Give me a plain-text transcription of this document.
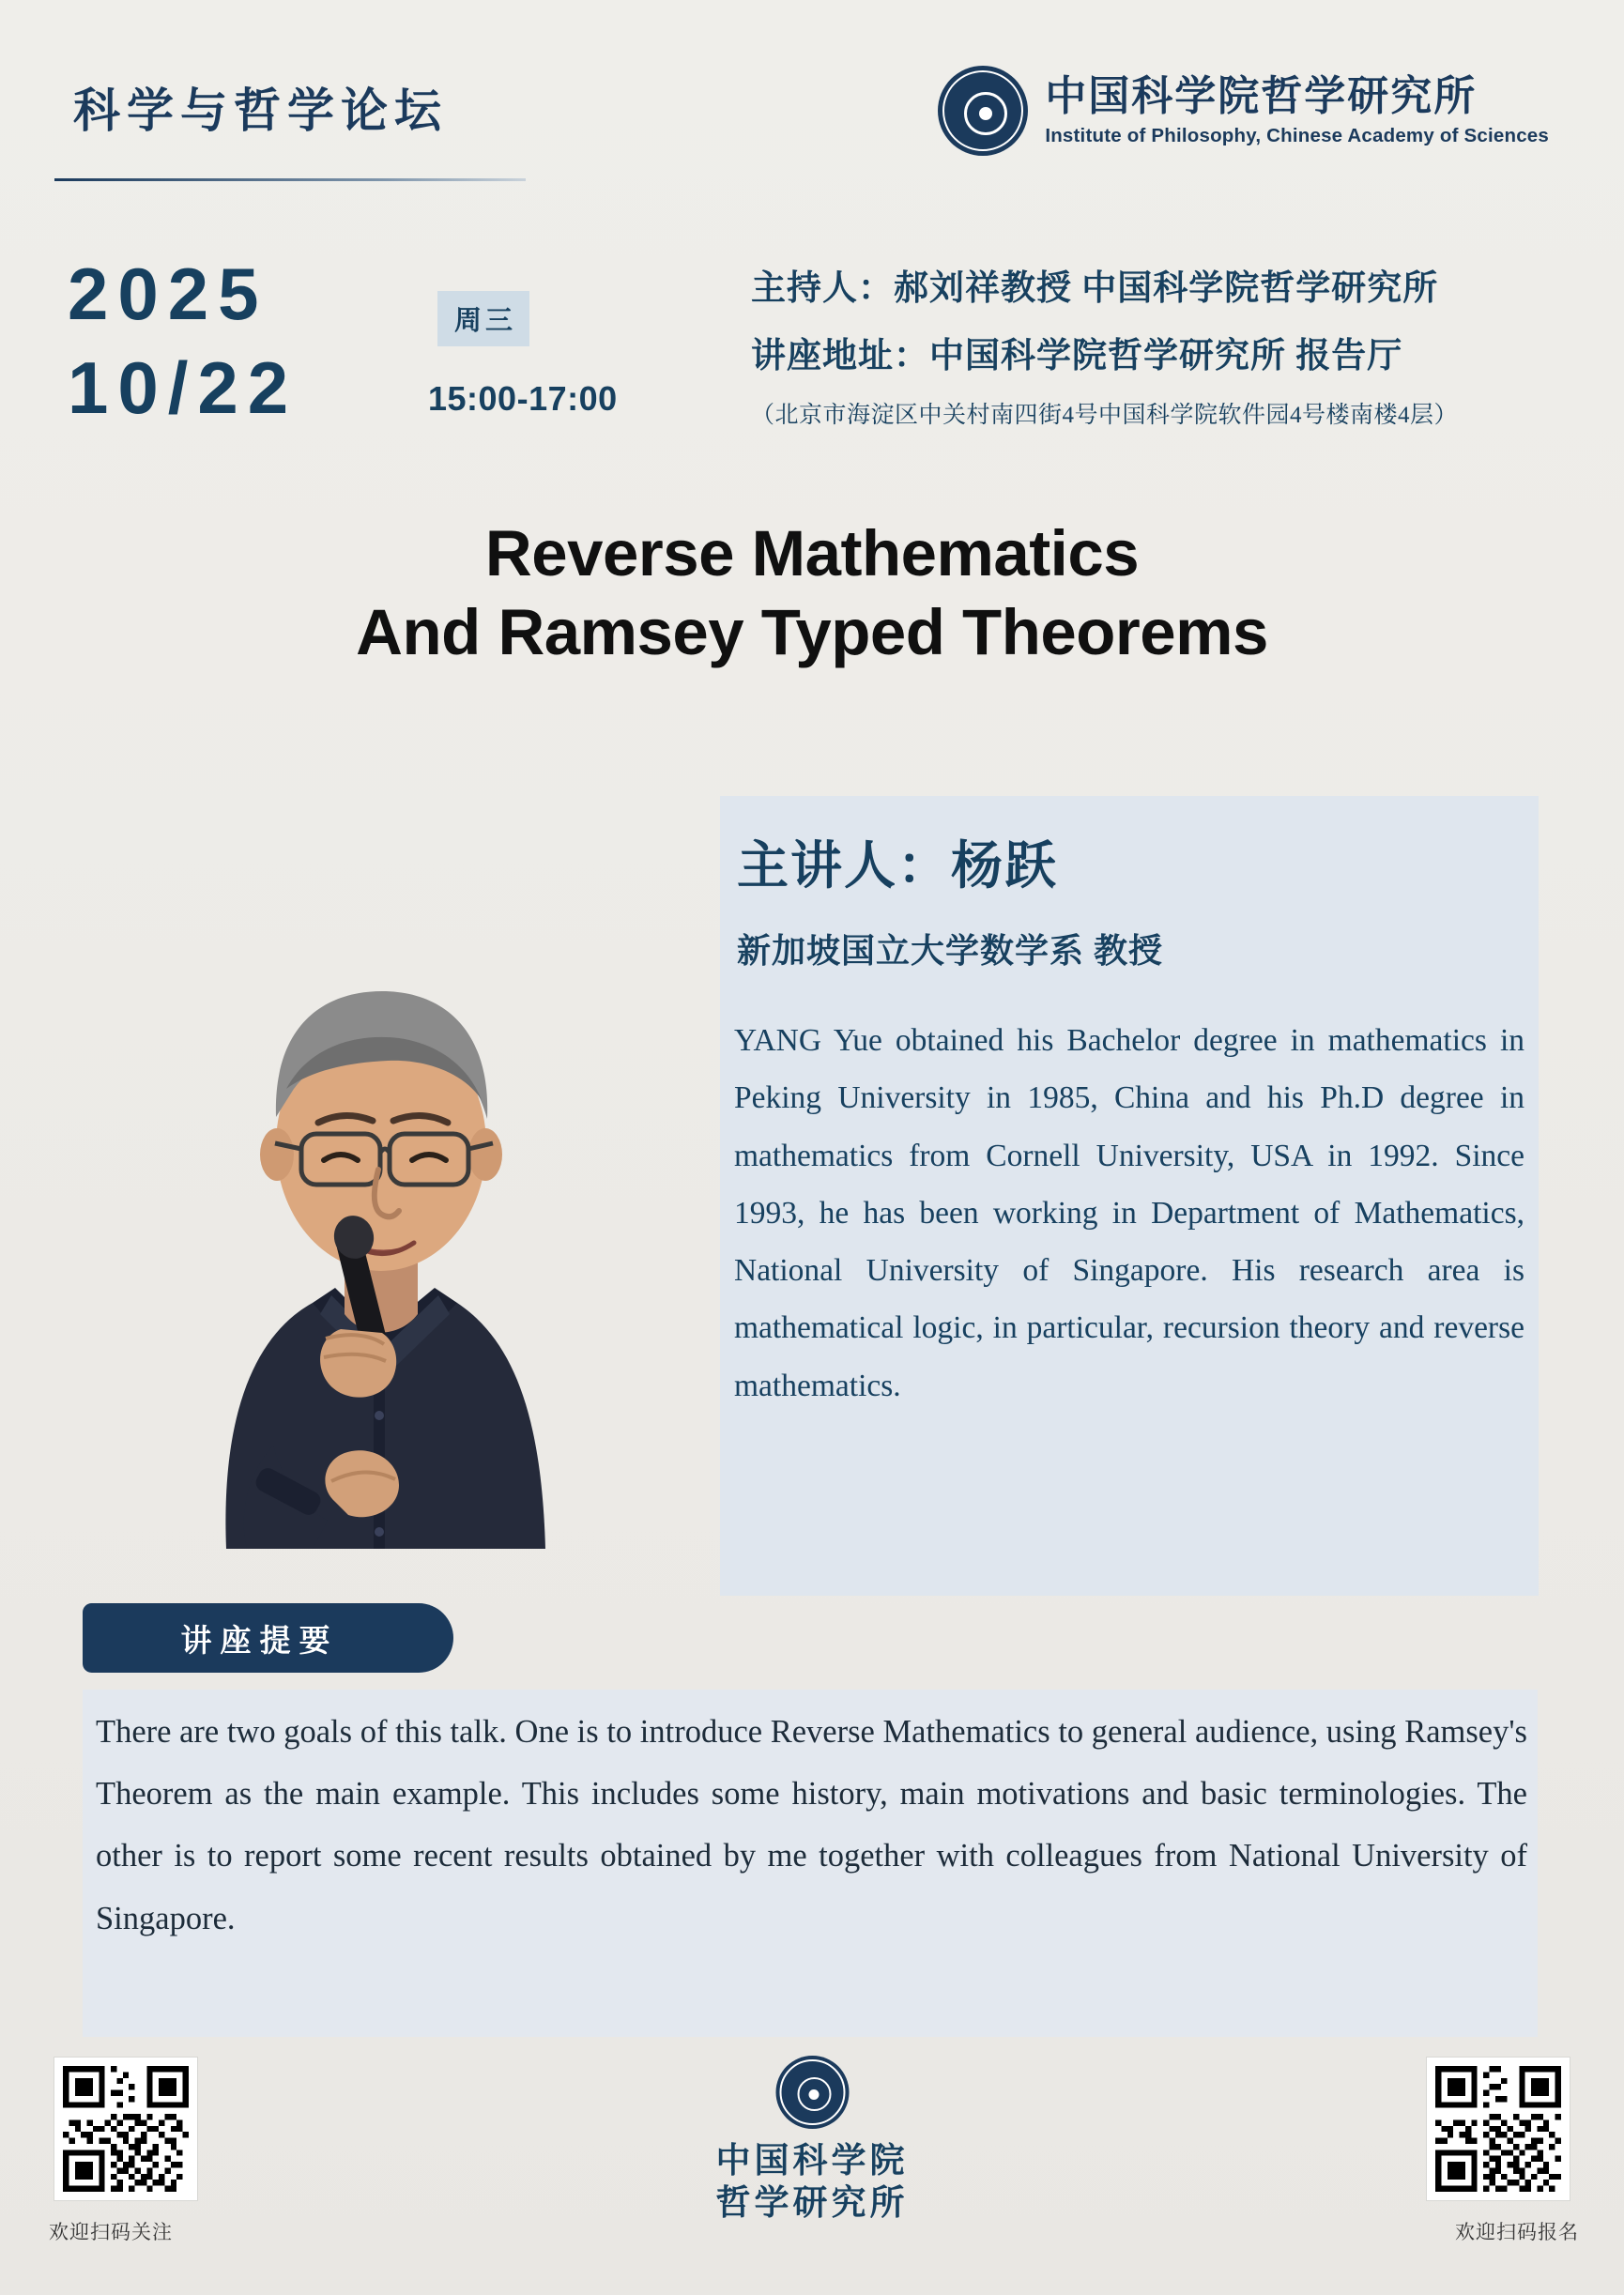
科学与哲学论坛	中国科学院哲学研究所
Institute of Philosophy, Chinese Academy of Sciences
2025
10/22
周三
15:00-17:00
主持人：郝刘祥教授 中国科学院哲学研究所
讲座地址：中国科学院哲学研究所 报告厅
（北京市海淀区中关村南四街4号中国科学院软件园4号楼南楼4层）
Reverse Mathematics
And Ramsey Typed Theorems
主讲人：杨跃
新加坡国立大学数学系 教授
YANG Yue obtained his Bachelor degree in mathematics in Peking University in 1985, China and his Ph.D degree in mathematics from Cornell University, USA in 1992. Since 1993, he has been working in Department of Mathematics, National University of Singapore. His research area is mathematical logic, in particular, recursion theory and reverse mathematics.
讲座提要
There are two goals of this talk. One is to introduce Reverse Mathematics to general audience, using Ramsey's Theorem as the main example. This includes some history, main motivations and basic terminologies. The other is to report some recent results obtained by me together with colleagues from National University of Singapore.
欢迎扫码关注	欢迎扫码报名
中国科学院
哲学研究所
